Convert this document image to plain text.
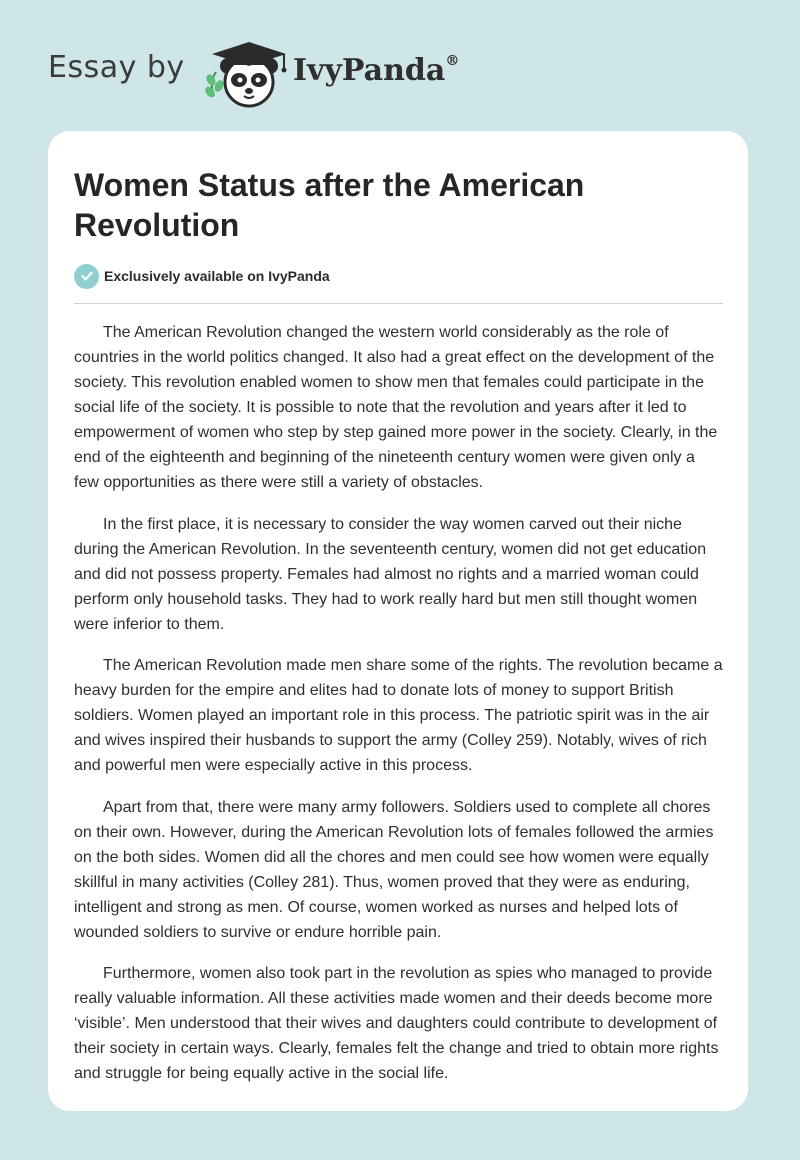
Essay by	IvyPanda®
Women Status after the American Revolution
Exclusively available on IvyPanda

The American Revolution changed the western world considerably as the role of countries in the world politics changed. It also had a great effect on the development of the society. This revolution enabled women to show men that females could participate in the social life of the society. It is possible to note that the revolution and years after it led to empowerment of women who step by step gained more power in the society. Clearly, in the end of the eighteenth and beginning of the nineteenth century women were given only a few opportunities as there were still a variety of obstacles.

In the first place, it is necessary to consider the way women carved out their niche during the American Revolution. In the seventeenth century, women did not get education and did not possess property. Females had almost no rights and a married woman could perform only household tasks. They had to work really hard but men still thought women were inferior to them.

The American Revolution made men share some of the rights. The revolution became a heavy burden for the empire and elites had to donate lots of money to support British soldiers. Women played an important role in this process. The patriotic spirit was in the air and wives inspired their husbands to support the army (Colley 259). Notably, wives of rich and powerful men were especially active in this process.

Apart from that, there were many army followers. Soldiers used to complete all chores on their own. However, during the American Revolution lots of females followed the armies on the both sides. Women did all the chores and men could see how women were equally skillful in many activities (Colley 281). Thus, women proved that they were as enduring, intelligent and strong as men. Of course, women worked as nurses and helped lots of wounded soldiers to survive or endure horrible pain.

Furthermore, women also took part in the revolution as spies who managed to provide really valuable information. All these activities made women and their deeds become more ‘visible’. Men understood that their wives and daughters could contribute to development of their society in certain ways. Clearly, females felt the change and tried to obtain more rights and struggle for being equally active in the social life.
